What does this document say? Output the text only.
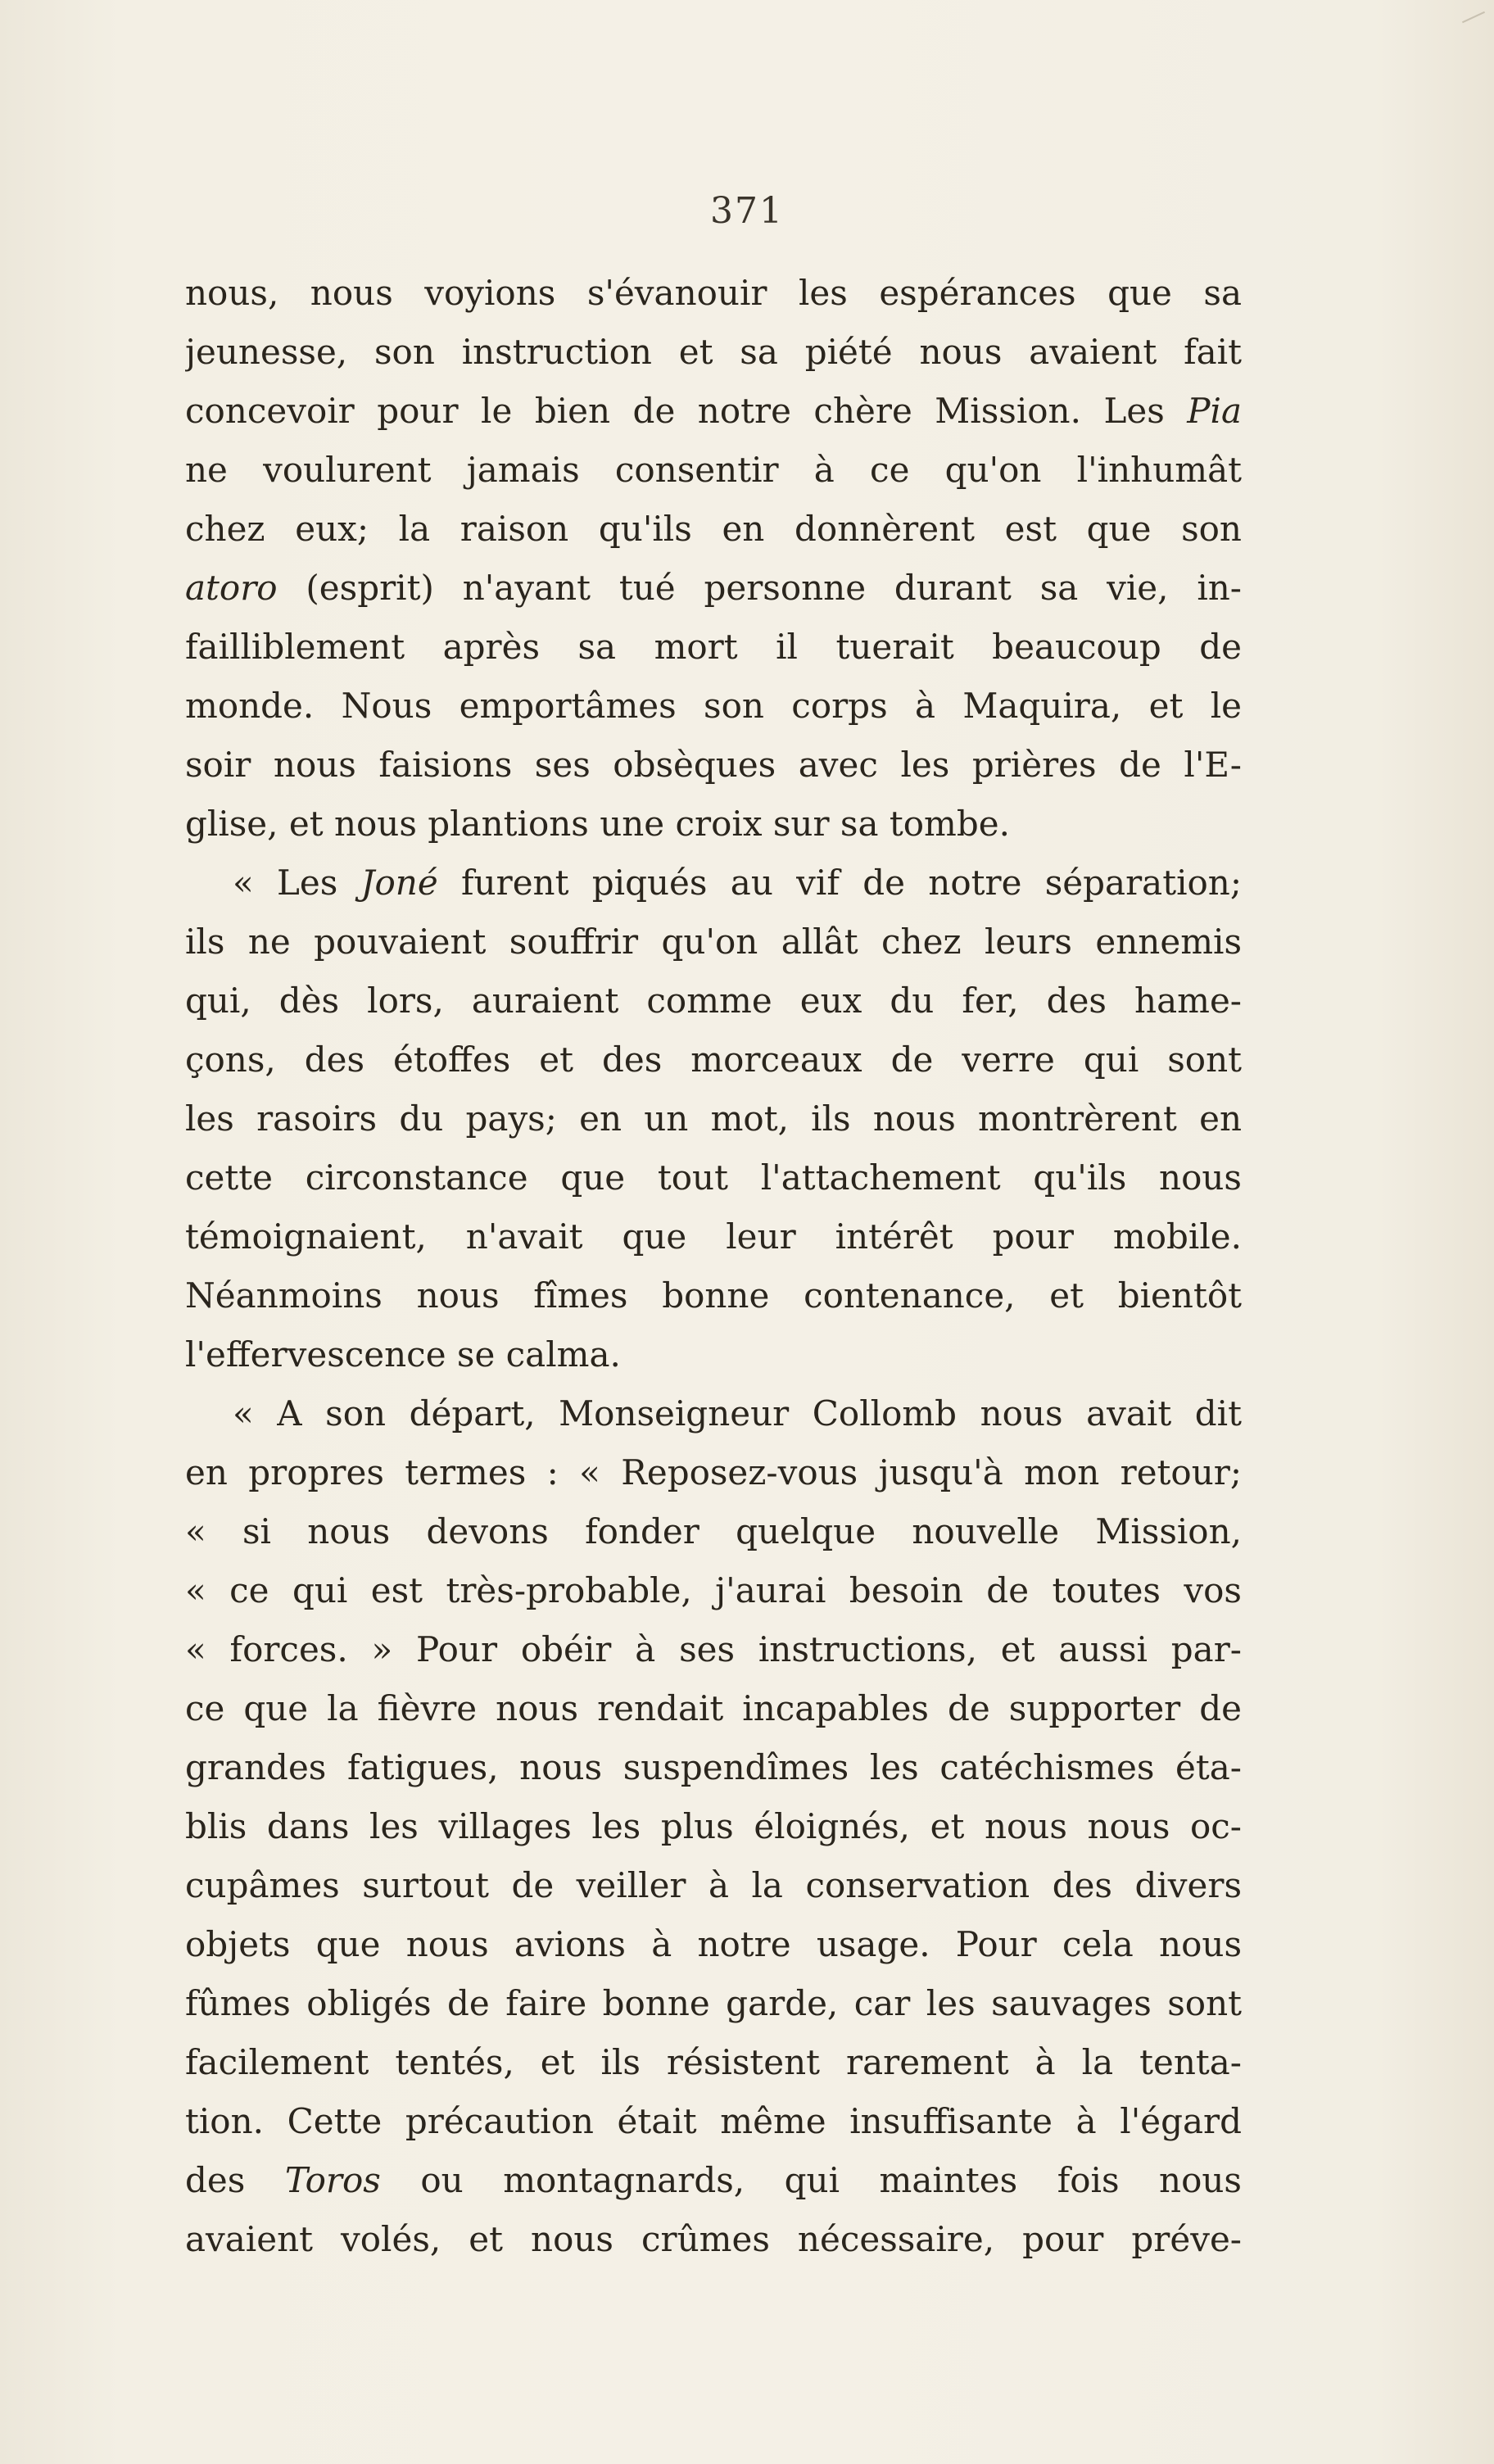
371
nous, nous voyions s'évanouir les espérances que sa
jeunesse, son instruction et sa piété nous avaient fait
concevoir pour le bien de notre chère Mission. Les Pia
ne voulurent jamais consentir à ce qu'on l'inhumât
chez eux; la raison qu'ils en donnèrent est que son
atoro (esprit) n'ayant tué personne durant sa vie, in-
failliblement après sa mort il tuerait beaucoup de
monde. Nous emportâmes son corps à Maquira, et le
soir nous faisions ses obsèques avec les prières de l'E-
glise, et nous plantions une croix sur sa tombe.
« Les Joné furent piqués au vif de notre séparation;
ils ne pouvaient souffrir qu'on allât chez leurs ennemis
qui, dès lors, auraient comme eux du fer, des hame-
çons, des étoffes et des morceaux de verre qui sont
les rasoirs du pays; en un mot, ils nous montrèrent en
cette circonstance que tout l'attachement qu'ils nous
témoignaient, n'avait que leur intérêt pour mobile.
Néanmoins nous fîmes bonne contenance, et bientôt
l'effervescence se calma.
« A son départ, Monseigneur Collomb nous avait dit
en propres termes : « Reposez-vous jusqu'à mon retour;
« si nous devons fonder quelque nouvelle Mission,
« ce qui est très-probable, j'aurai besoin de toutes vos
« forces. » Pour obéir à ses instructions, et aussi par-
ce que la fièvre nous rendait incapables de supporter de
grandes fatigues, nous suspendîmes les catéchismes éta-
blis dans les villages les plus éloignés, et nous nous oc-
cupâmes surtout de veiller à la conservation des divers
objets que nous avions à notre usage. Pour cela nous
fûmes obligés de faire bonne garde, car les sauvages sont
facilement tentés, et ils résistent rarement à la tenta-
tion. Cette précaution était même insuffisante à l'égard
des Toros ou montagnards, qui maintes fois nous
avaient volés, et nous crûmes nécessaire, pour préve-
